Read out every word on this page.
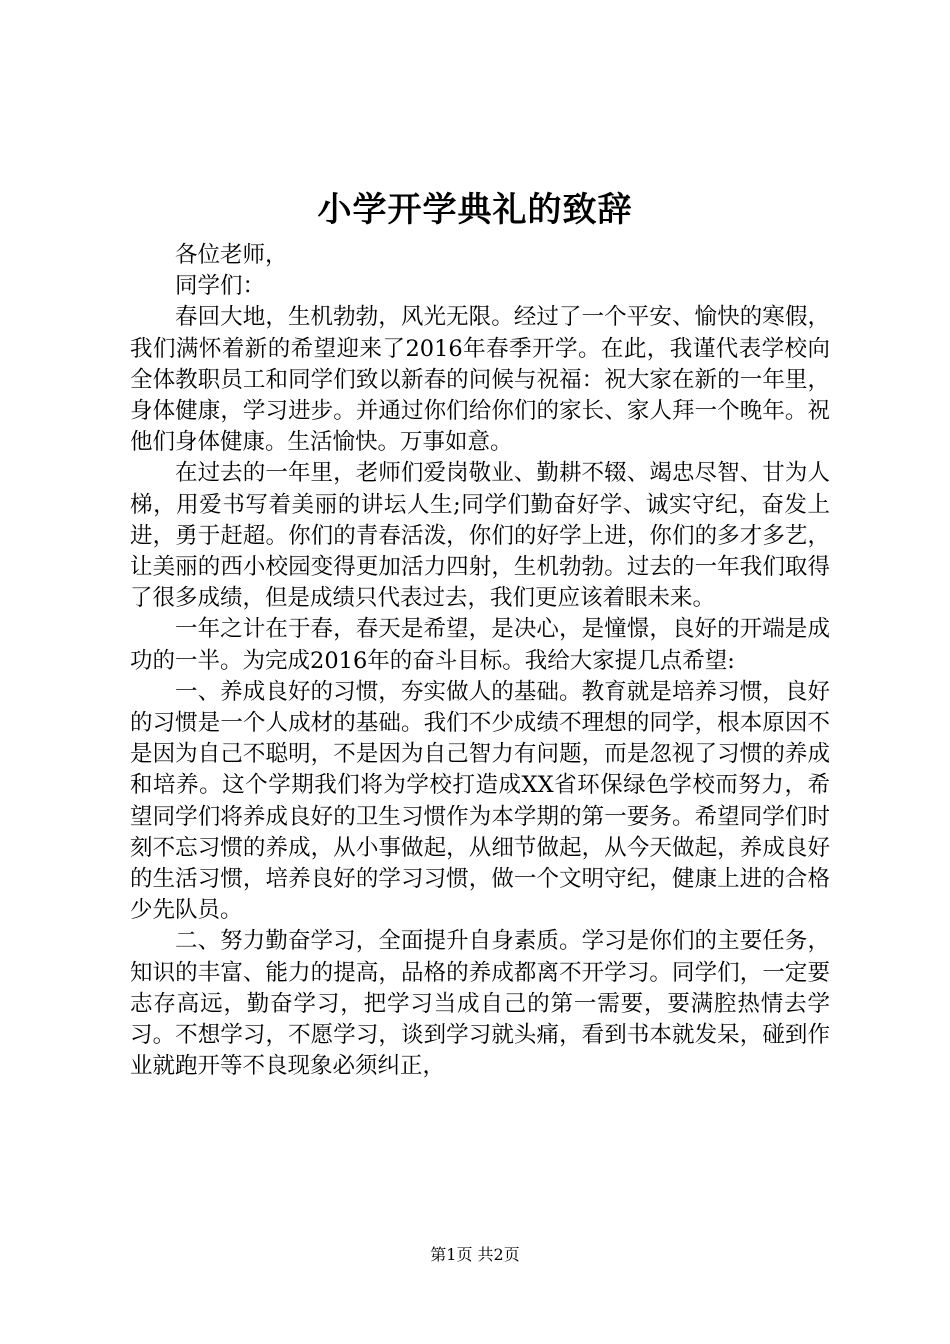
小学开学典礼的致辞

各位老师，

同学们：

春回大地，生机勃勃，风光无限。经过了一个平安、愉快的寒假，我们满怀着新的希望迎来了2016年春季开学。在此，我谨代表学校向全体教职员工和同学们致以新春的问候与祝福：祝大家在新的一年里，身体健康，学习进步。并通过你们给你们的家长、家人拜一个晚年。祝他们身体健康。生活愉快。万事如意。

在过去的一年里，老师们爱岗敬业、勤耕不辍、竭忠尽智、甘为人梯，用爱书写着美丽的讲坛人生;同学们勤奋好学、诚实守纪，奋发上进，勇于赶超。你们的青春活泼，你们的好学上进，你们的多才多艺，让美丽的西小校园变得更加活力四射，生机勃勃。过去的一年我们取得了很多成绩，但是成绩只代表过去，我们更应该着眼未来。

一年之计在于春，春天是希望，是决心，是憧憬，良好的开端是成功的一半。为完成2016年的奋斗目标。我给大家提几点希望:

一、养成良好的习惯，夯实做人的基础。教育就是培养习惯，良好的习惯是一个人成材的基础。我们不少成绩不理想的同学，根本原因不是因为自己不聪明，不是因为自己智力有问题，而是忽视了习惯的养成和培养。这个学期我们将为学校打造成XX省环保绿色学校而努力，希望同学们将养成良好的卫生习惯作为本学期的第一要务。希望同学们时刻不忘习惯的养成，从小事做起，从细节做起，从今天做起，养成良好的生活习惯，培养良好的学习习惯，做一个文明守纪，健康上进的合格少先队员。

二、努力勤奋学习，全面提升自身素质。学习是你们的主要任务，知识的丰富、能力的提高，品格的养成都离不开学习。同学们，一定要志存高远，勤奋学习，把学习当成自己的第一需要，要满腔热情去学习。不想学习，不愿学习，谈到学习就头痛，看到书本就发呆，碰到作业就跑开等不良现象必须纠正，

第1页 共2页
